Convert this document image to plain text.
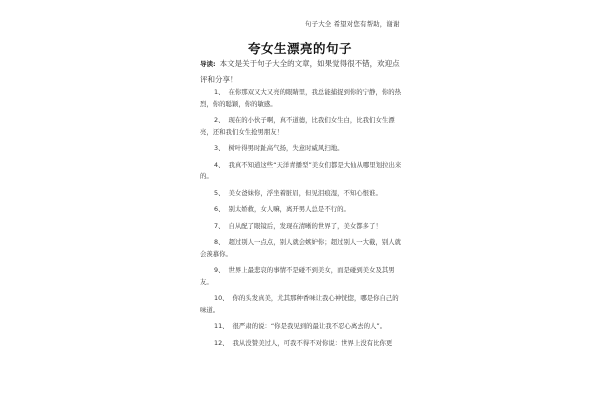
句子大全 希望对您有帮助，谢谢
夸女生漂亮的句子
导读: 本文是关于句子大全的文章，如果觉得很不错，欢迎点评和分享！
1、 在你那双又大又亮的眼睛里，我总能捕捉到你的宁静，你的热烈，你的聪颖，你的敏感。
2、 现在的小伙子啊，真不道德，比我们女生白，比我们女生漂亮，还和我们女生抢男朋友！
3、 树叶得男时趾高气扬，失意时威风扫地。
4、 我真不知道这些“天洋青播型”美女们都是大仙从哪里划拉出来的。
5、 美女爸妹你，浮坐着脏眉，但见泪痕湿，不知心恨谁。
6、 别太娇救，女人嘛，离开男人总是不行的。
7、 自从配了眼镜后，发现在清晰的世界了，美女都多了！
8、 超过别人一点点，别人就会嫉妒你；超过别人一大截，别人就会羡慕你。
9、 世界上最悲哀的事情不是碰不到美女，而是碰到美女及其男友。
10、 你的头发真美，尤其那种香味让我心神恍惚，哪是你自己的味道。
11、 很严肃的说：“你是我见到的最让我不忍心离去的人”。
12、 我从没赞美过人，可我不得不对你说：世界上没有比你更
